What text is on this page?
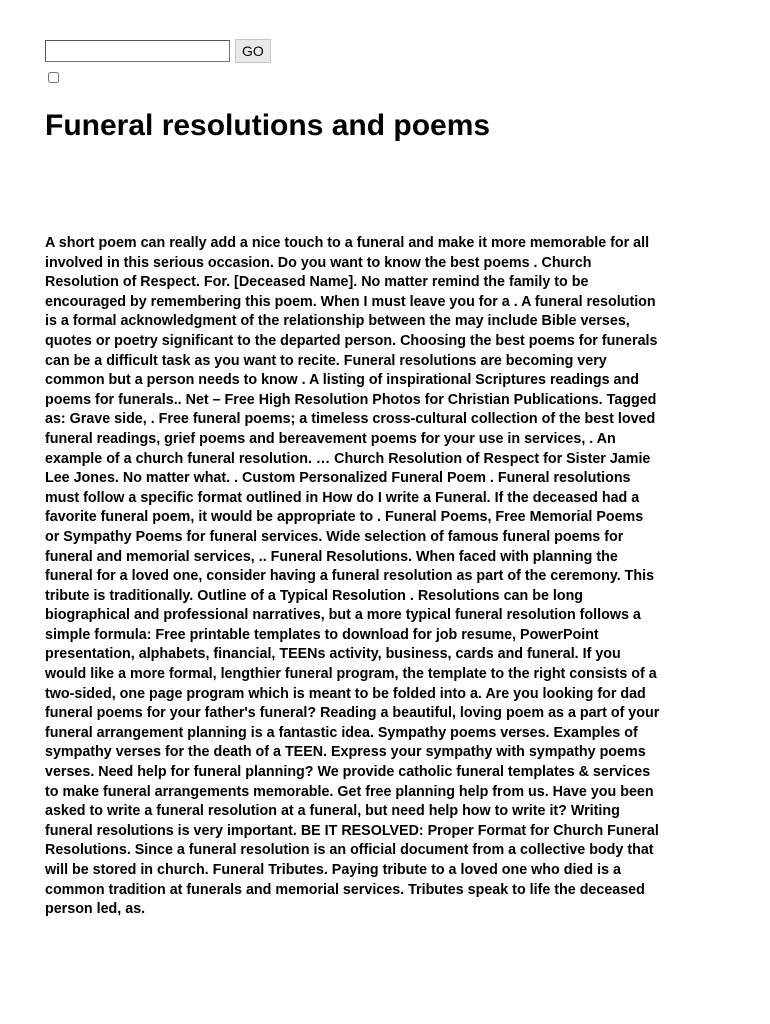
GO
Funeral resolutions and poems

A short poem can really add a nice touch to a funeral and make it more memorable for all
involved in this serious occasion. Do you want to know the best poems . Church
Resolution of Respect. For. [Deceased Name]. No matter remind the family to be
encouraged by remembering this poem. When I must leave you for a . A funeral resolution
is a formal acknowledgment of the relationship between the may include Bible verses,
quotes or poetry significant to the departed person. Choosing the best poems for funerals
can be a difficult task as you want to recite. Funeral resolutions are becoming very
common but a person needs to know . A listing of inspirational Scriptures readings and
poems for funerals.. Net – Free High Resolution Photos for Christian Publications. Tagged
as: Grave side, . Free funeral poems; a timeless cross-cultural collection of the best loved
funeral readings, grief poems and bereavement poems for your use in services, . An
example of a church funeral resolution. … Church Resolution of Respect for Sister Jamie
Lee Jones. No matter what. . Custom Personalized Funeral Poem . Funeral resolutions
must follow a specific format outlined in How do I write a Funeral. If the deceased had a
favorite funeral poem, it would be appropriate to . Funeral Poems, Free Memorial Poems
or Sympathy Poems for funeral services. Wide selection of famous funeral poems for
funeral and memorial services, .. Funeral Resolutions. When faced with planning the
funeral for a loved one, consider having a funeral resolution as part of the ceremony. This
tribute is traditionally. Outline of a Typical Resolution . Resolutions can be long
biographical and professional narratives, but a more typical funeral resolution follows a
simple formula: Free printable templates to download for job resume, PowerPoint
presentation, alphabets, financial, TEENs activity, business, cards and funeral. If you
would like a more formal, lengthier funeral program, the template to the right consists of a
two-sided, one page program which is meant to be folded into a. Are you looking for dad
funeral poems for your father's funeral? Reading a beautiful, loving poem as a part of your
funeral arrangement planning is a fantastic idea. Sympathy poems verses. Examples of
sympathy verses for the death of a TEEN. Express your sympathy with sympathy poems
verses. Need help for funeral planning? We provide catholic funeral templates & services
to make funeral arrangements memorable. Get free planning help from us. Have you been
asked to write a funeral resolution at a funeral, but need help how to write it? Writing
funeral resolutions is very important. BE IT RESOLVED: Proper Format for Church Funeral
Resolutions. Since a funeral resolution is an official document from a collective body that
will be stored in church. Funeral Tributes. Paying tribute to a loved one who died is a
common tradition at funerals and memorial services. Tributes speak to life the deceased
person led, as.
